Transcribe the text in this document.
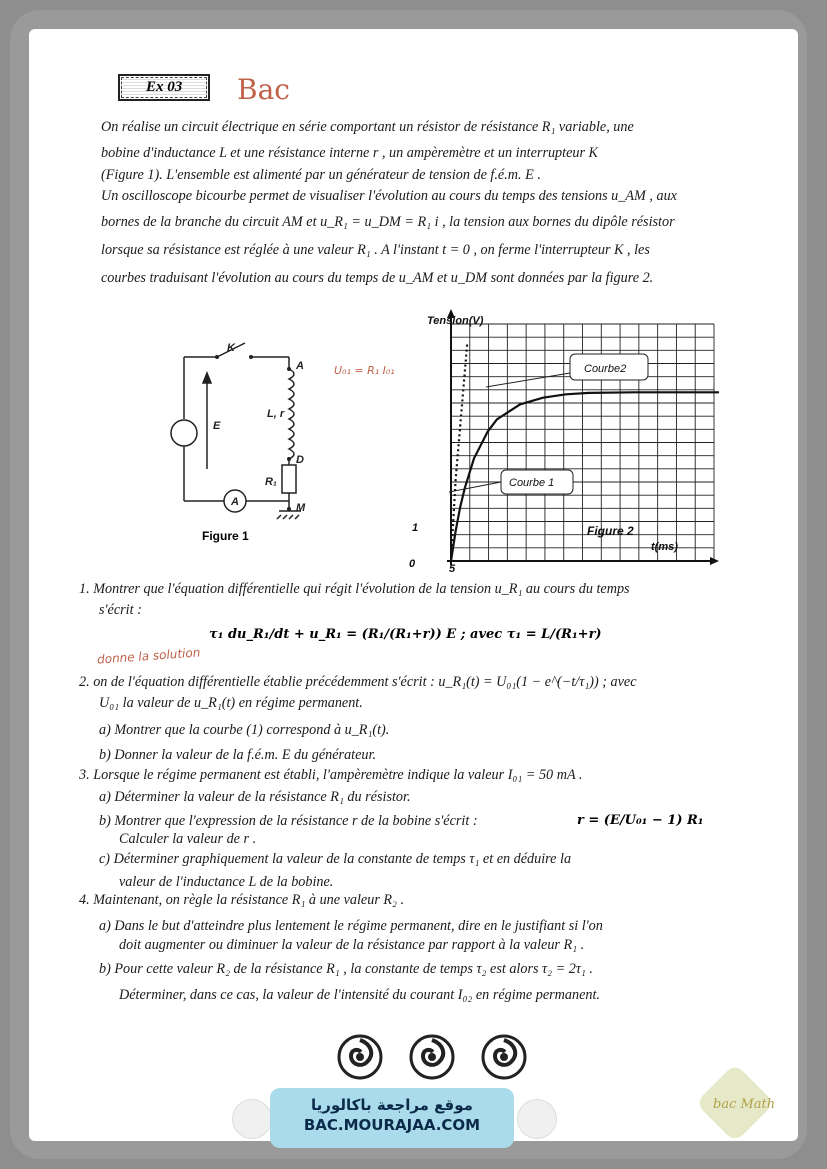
Ex 03	Bac
On réalise un circuit électrique en série comportant un résistor de résistance R₁ variable, une
bobine d'inductance L et une résistance interne r , un ampèremètre et un interrupteur K
(Figure 1). L'ensemble est alimenté par un générateur de tension de f.é.m. E .
Un oscilloscope bicourbe permet de visualiser l'évolution au cours du temps des tensions u_AM , aux
bornes de la branche du circuit AM et u_R₁ = u_DM = R₁ i , la tension aux bornes du dipôle résistor
lorsque sa résistance est réglée à une valeur R₁ . A l'instant t = 0 , on ferme l'interrupteur K , les
courbes traduisant l'évolution au cours du temps de u_AM et u_DM sont données par la figure 2.
K
A
D
M
L, r
E
R₁
A
Figure 1
Tension(V)
t(ms)
1
5
0
Figure 2
Courbe 1
Courbe2
U₀₁ = R₁ I₀₁
1. Montrer que l'équation différentielle qui régit l'évolution de la tension u_R₁ au cours du temps
s'écrit :
τ₁ du_R₁/dt + u_R₁ = (R₁/(R₁+r)) E ; avec τ₁ = L/(R₁+r)
donne la solution
2. on de l'équation différentielle établie précédemment s'écrit : u_R₁(t) = U₀₁(1 − e^(−t/τ₁)) ; avec
U₀₁ la valeur de u_R₁(t) en régime permanent.
a) Montrer que la courbe (1) correspond à u_R₁(t).
b) Donner la valeur de la f.é.m. E du générateur.
3. Lorsque le régime permanent est établi, l'ampèremètre indique la valeur I₀₁ = 50 mA .
a) Déterminer la valeur de la résistance R₁ du résistor.
b) Montrer que l'expression de la résistance r de la bobine s'écrit :	r = (E/U₀₁ − 1) R₁
Calculer la valeur de r .
c) Déterminer graphiquement la valeur de la constante de temps τ₁ et en déduire la
valeur de l'inductance L de la bobine.
4. Maintenant, on règle la résistance R₁ à une valeur R₂ .
a) Dans le but d'atteindre plus lentement le régime permanent, dire en le justifiant si l'on
doit augmenter ou diminuer la valeur de la résistance par rapport à la valeur R₁ .
b) Pour cette valeur R₂ de la résistance R₁ , la constante de temps τ₂ est alors τ₂ = 2τ₁ .
Déterminer, dans ce cas, la valeur de l'intensité du courant I₀₂ en régime permanent.
bac Math
موقع مراجعة باكالوريا
BAC.MOURAJAA.COM
